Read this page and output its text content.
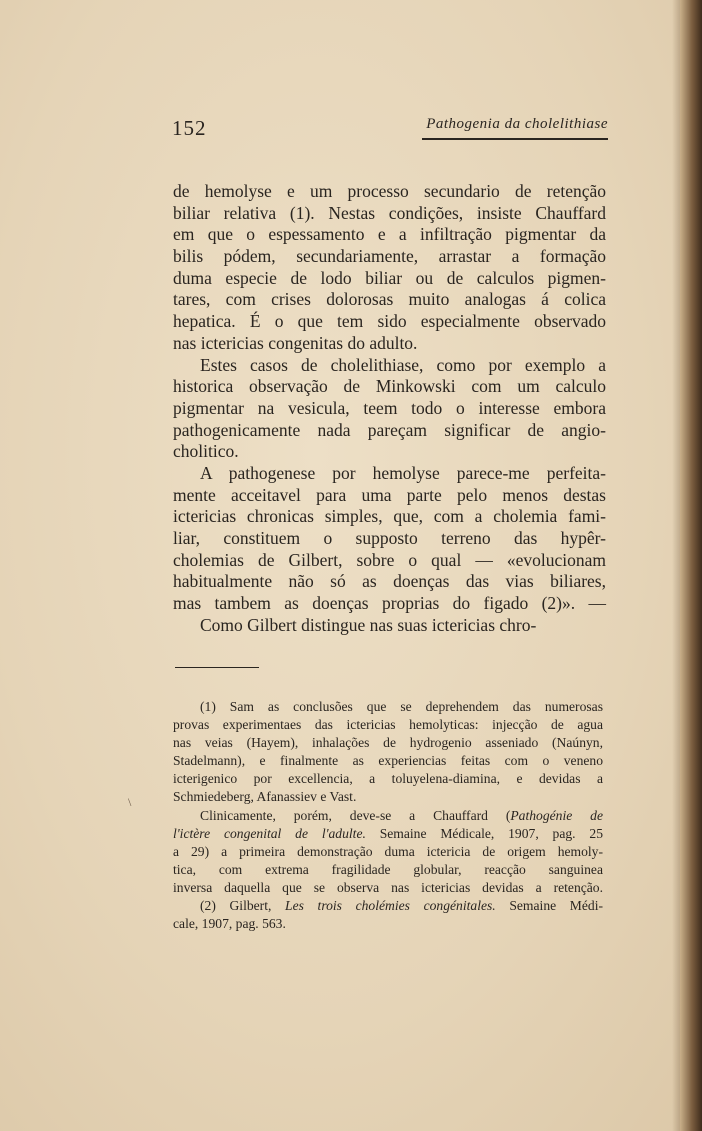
152	Pathogenia da cholelithiase
de hemolyse e um processo secundario de retenção
biliar relativa (1). Nestas condições, insiste Chauffard
em que o espessamento e a infiltração pigmentar da
bilis pódem, secundariamente, arrastar a formação
duma especie de lodo biliar ou de calculos pigmen-
tares, com crises dolorosas muito analogas á colica
hepatica. É o que tem sido especialmente observado
nas ictericias congenitas do adulto.
Estes casos de cholelithiase, como por exemplo a
historica observação de Minkowski com um calculo
pigmentar na vesicula, teem todo o interesse embora
pathogenicamente nada pareçam significar de angio-
cholitico.
A pathogenese por hemolyse parece-me perfeita-
mente acceitavel para uma parte pelo menos destas
ictericias chronicas simples, que, com a cholemia fami-
liar, constituem o supposto terreno das hypêr-
cholemias de Gilbert, sobre o qual — «evolucionam
habitualmente não só as doenças das vias biliares,
mas tambem as doenças proprias do figado (2)». —
Como Gilbert distingue nas suas ictericias chro-
(1) Sam as conclusões que se deprehendem das numerosas
provas experimentaes das ictericias hemolyticas: injecção de agua
nas veias (Hayem), inhalações de hydrogenio asseniado (Naúnyn,
Stadelmann), e finalmente as experiencias feitas com o veneno
icterigenico por excellencia, a toluyelena-diamina, e devidas a
Schmiedeberg, Afanassiev e Vast.
Clinicamente, porém, deve-se a Chauffard (Pathogénie de
l'ictère congenital de l'adulte. Semaine Médicale, 1907, pag. 25
a 29) a primeira demonstração duma ictericia de origem hemoly-
tica, com extrema fragilidade globular, reacção sanguinea
inversa daquella que se observa nas ictericias devidas a retenção.
(2) Gilbert, Les trois cholémies congénitales. Semaine Médi-
cale, 1907, pag. 563.
\
